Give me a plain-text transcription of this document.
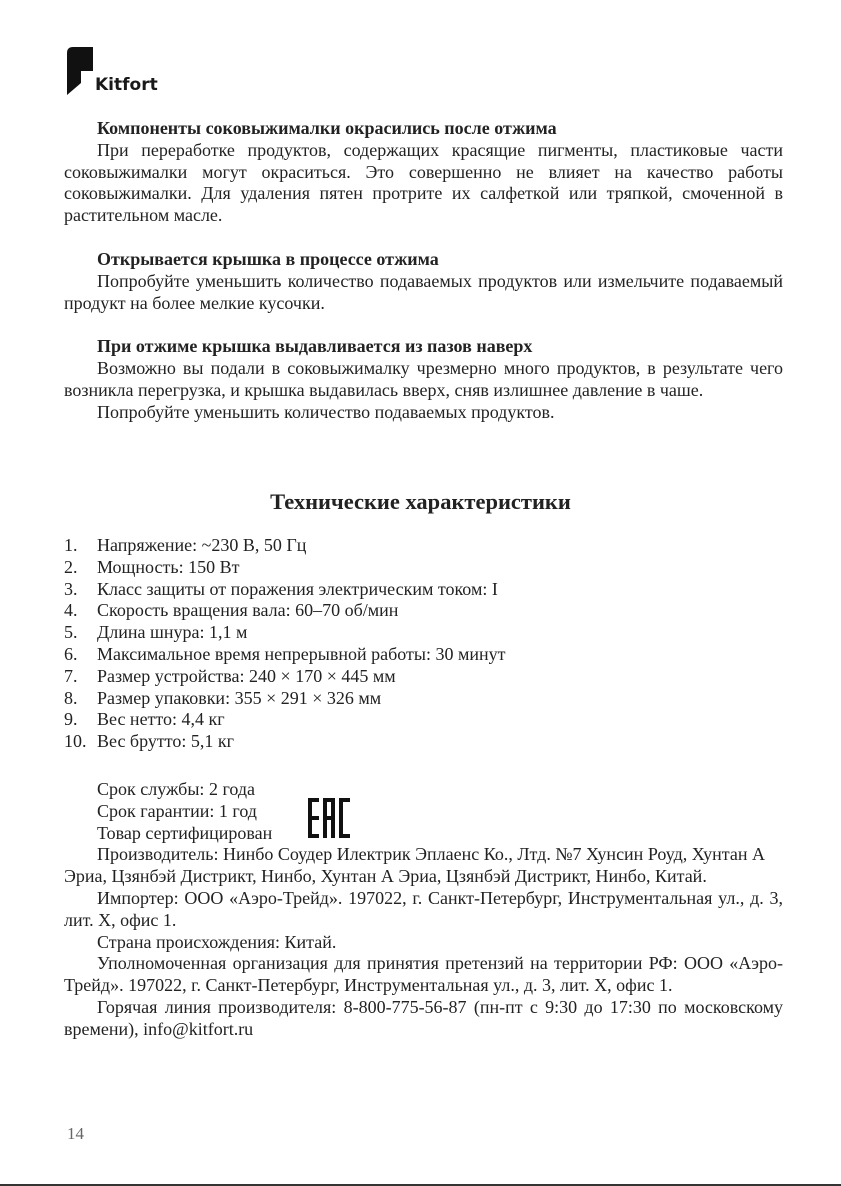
Kitfort

Компоненты соковыжималки окрасились после отжима

При переработке продуктов, содержащих красящие пигменты, пластиковые части соковыжималки могут окраситься. Это совершенно не влияет на качество работы соковыжималки. Для удаления пятен протрите их салфеткой или тряпкой, смоченной в растительном масле.

Открывается крышка в процессе отжима

Попробуйте уменьшить количество подаваемых продуктов или измельчите подаваемый продукт на более мелкие кусочки.

При отжиме крышка выдавливается из пазов наверх

Возможно вы подали в соковыжималку чрезмерно много продуктов, в результате чего возникла перегрузка, и крышка выдавилась вверх, сняв излишнее давление в чаше.

Попробуйте уменьшить количество подаваемых продуктов.

Технические характеристики
1. Напряжение: ~230 В, 50 Гц
2. Мощность: 150 Вт
3. Класс защиты от поражения электрическим током: I
4. Скорость вращения вала: 60–70 об/мин
5. Длина шнура: 1,1 м
6. Максимальное время непрерывной работы: 30 минут
7. Размер устройства: 240 × 170 × 445 мм
8. Размер упаковки: 355 × 291 × 326 мм
9. Вес нетто: 4,4 кг
10. Вес брутто: 5,1 кг

Срок службы: 2 года

Срок гарантии: 1 год

Товар сертифицирован

Производитель: Нинбо Соудер Илектрик Эплаенс Ко., Лтд. №7 Хунсин Роуд, Хунтан А Эриа, Цзянбэй Дистрикт, Нинбо, Хунтан А Эриа, Цзянбэй Дистрикт, Нинбо, Китай.

Импортер: ООО «Аэро-Трейд». 197022, г. Санкт-Петербург, Инструментальная ул., д. 3, лит. Х, офис 1.

Страна происхождения: Китай.

Уполномоченная организация для принятия претензий на территории РФ: ООО «Аэро-Трейд». 197022, г. Санкт-Петербург, Инструментальная ул., д. 3, лит. Х, офис 1.

Горячая линия производителя: 8-800-775-56-87 (пн-пт с 9:30 до 17:30 по московскому времени), info@kitfort.ru

14
